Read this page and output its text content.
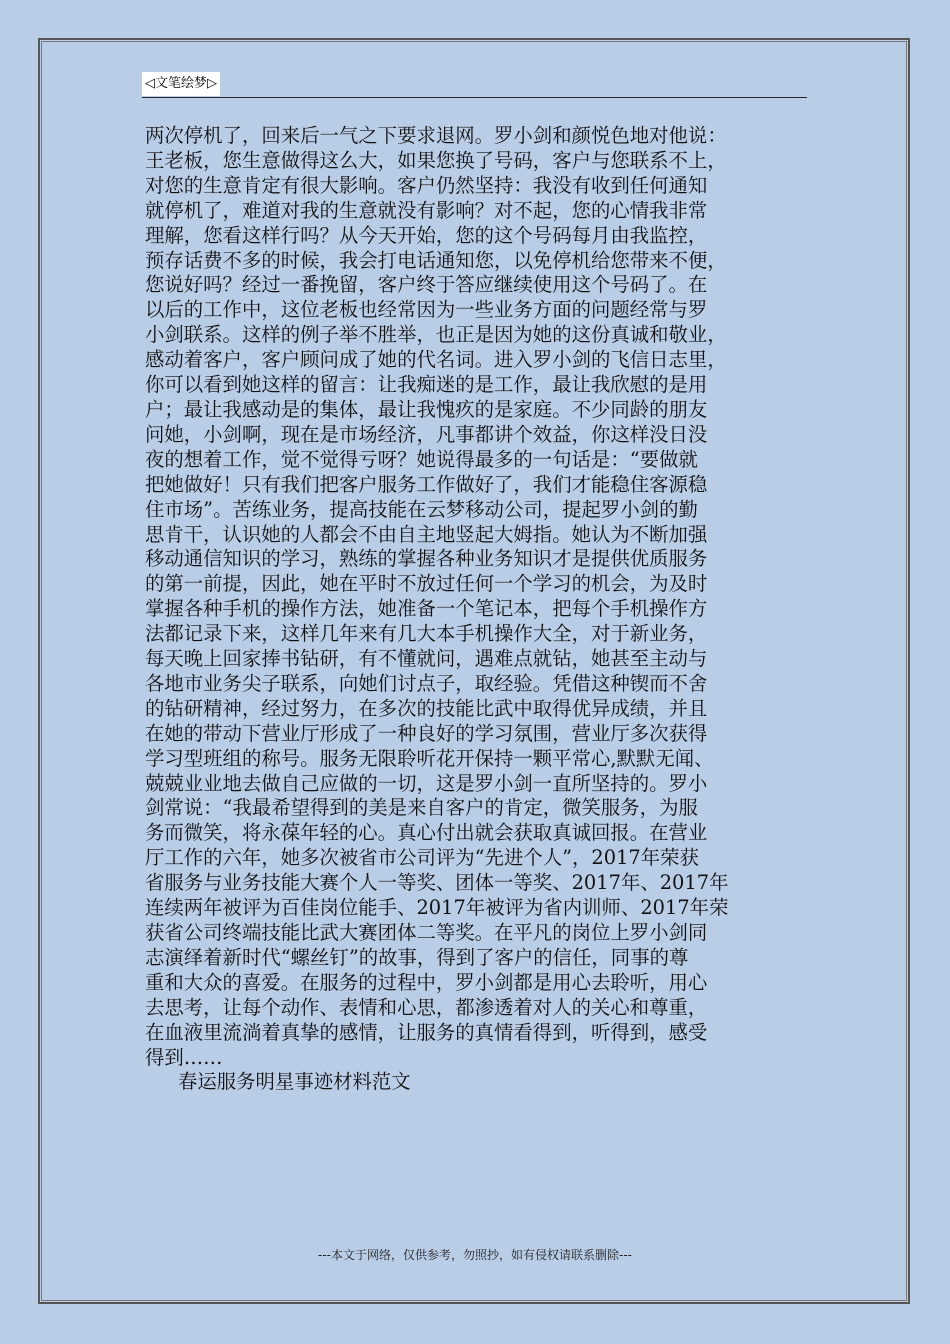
◁文笔绘梦▷

两次停机了，回来后一气之下要求退网。罗小剑和颜悦色地对他说：
王老板，您生意做得这么大，如果您换了号码，客户与您联系不上，
对您的生意肯定有很大影响。客户仍然坚持：我没有收到任何通知
就停机了，难道对我的生意就没有影响？对不起，您的心情我非常
理解，您看这样行吗？从今天开始，您的这个号码每月由我监控，
预存话费不多的时候，我会打电话通知您，以免停机给您带来不便，
您说好吗？经过一番挽留，客户终于答应继续使用这个号码了。在
以后的工作中，这位老板也经常因为一些业务方面的问题经常与罗
小剑联系。这样的例子举不胜举，也正是因为她的这份真诚和敬业，
感动着客户，客户顾问成了她的代名词。进入罗小剑的飞信日志里，
你可以看到她这样的留言：让我痴迷的是工作，最让我欣慰的是用
户；最让我感动是的集体，最让我愧疚的是家庭。不少同龄的朋友
问她，小剑啊，现在是市场经济，凡事都讲个效益，你这样没日没
夜的想着工作，觉不觉得亏呀？她说得最多的一句话是：“要做就
把她做好！只有我们把客户服务工作做好了，我们才能稳住客源稳
住市场”。苦练业务，提高技能在云梦移动公司，提起罗小剑的勤
思肯干，认识她的人都会不由自主地竖起大姆指。她认为不断加强
移动通信知识的学习，熟练的掌握各种业务知识才是提供优质服务
的第一前提，因此，她在平时不放过任何一个学习的机会，为及时
掌握各种手机的操作方法，她准备一个笔记本，把每个手机操作方
法都记录下来，这样几年来有几大本手机操作大全，对于新业务，
每天晚上回家捧书钻研，有不懂就问，遇难点就钻，她甚至主动与
各地市业务尖子联系，向她们讨点子，取经验。凭借这种锲而不舍
的钻研精神，经过努力，在多次的技能比武中取得优异成绩，并且
在她的带动下营业厅形成了一种良好的学习氛围，营业厅多次获得
学习型班组的称号。服务无限聆听花开保持一颗平常心,默默无闻、
兢兢业业地去做自己应做的一切，这是罗小剑一直所坚持的。罗小
剑常说：“我最希望得到的美是来自客户的肯定，微笑服务，为服
务而微笑，将永葆年轻的心。真心付出就会获取真诚回报。在营业
厅工作的六年，她多次被省市公司评为“先进个人”，2017年荣获
省服务与业务技能大赛个人一等奖、团体一等奖、2017年、2017年
连续两年被评为百佳岗位能手、2017年被评为省内训师、2017年荣
获省公司终端技能比武大赛团体二等奖。在平凡的岗位上罗小剑同
志演绎着新时代“螺丝钉”的故事，得到了客户的信任，同事的尊
重和大众的喜爱。在服务的过程中，罗小剑都是用心去聆听，用心
去思考，让每个动作、表情和心思，都渗透着对人的关心和尊重，
在血液里流淌着真挚的感情，让服务的真情看得到，听得到，感受
得到……

春运服务明星事迹材料范文

---本文于网络，仅供参考，勿照抄，如有侵权请联系删除---
